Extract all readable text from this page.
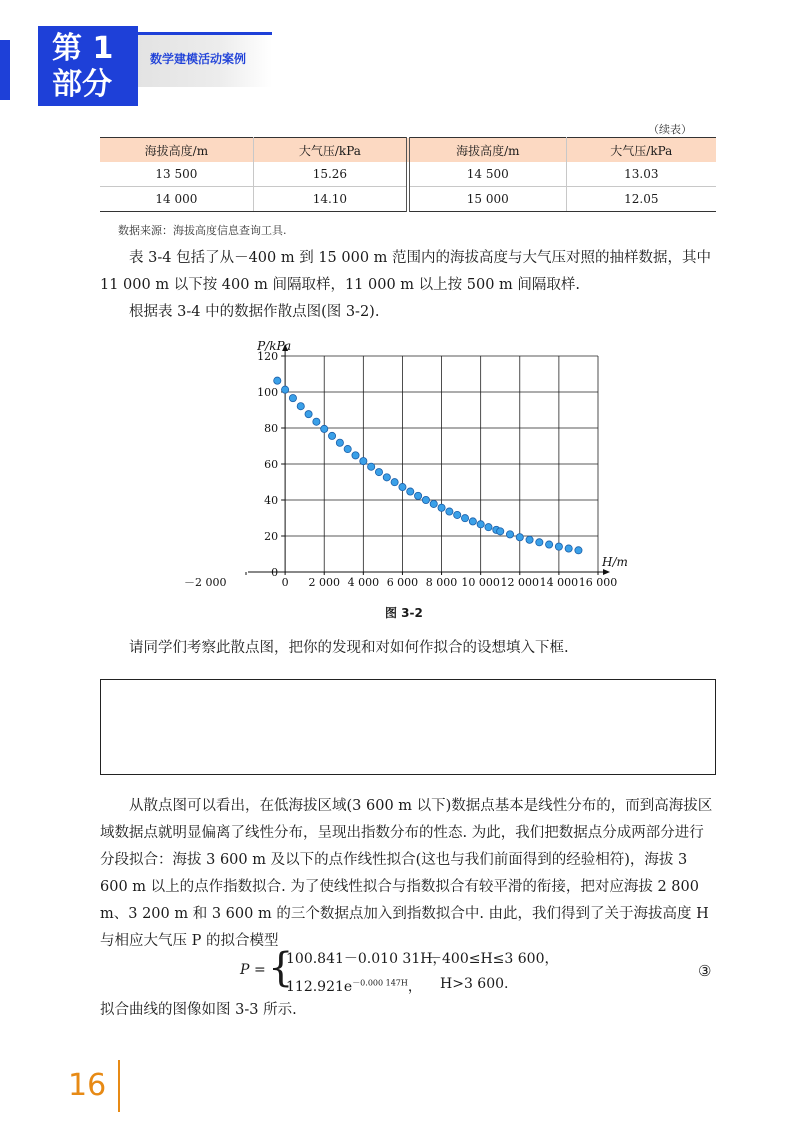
第 1
部分
数学建模活动案例
（续表）
海拔高度/m	大气压/kPa	海拔高度/m	大气压/kPa
13 500	15.26	14 500	13.03
14 000	14.10	15 000	12.05
数据来源：海拔高度信息查询工具.
表 3-4 包括了从－400 m 到 15 000 m 范围内的海拔高度与大气压对照的抽样数据，其中 11 000 m 以下按 400 m 间隔取样，11 000 m 以上按 500 m 间隔取样.
根据表 3-4 中的数据作散点图(图 3-2).
0
20
40
60
80
100
120
－2 000	0 2 000 4 000 6 000 8 000 10 000 12 000 14 000 16 000
P/kPa
H/m
图 3-2
请同学们考察此散点图，把你的发现和对如何作拟合的设想填入下框.
从散点图可以看出，在低海拔区域(3 600 m 以下)数据点基本是线性分布的，而到高海拔区域数据点就明显偏离了线性分布，呈现出指数分布的性态. 为此，我们把数据点分成两部分进行分段拟合：海拔 3 600 m 及以下的点作线性拟合(这也与我们前面得到的经验相符)，海拔 3 600 m 以上的点作指数拟合. 为了使线性拟合与指数拟合有较平滑的衔接，把对应海拔 2 800 m、3 200 m 和 3 600 m 的三个数据点加入到指数拟合中. 由此，我们得到了关于海拔高度 H 与相应大气压 P 的拟合模型
P = {
100.841－0.010 31H，
－400≤H≤3 600，
$112.921e^{-0.000 147H}$， H>3 600.
③
拟合曲线的图像如图 3-3 所示.
16
